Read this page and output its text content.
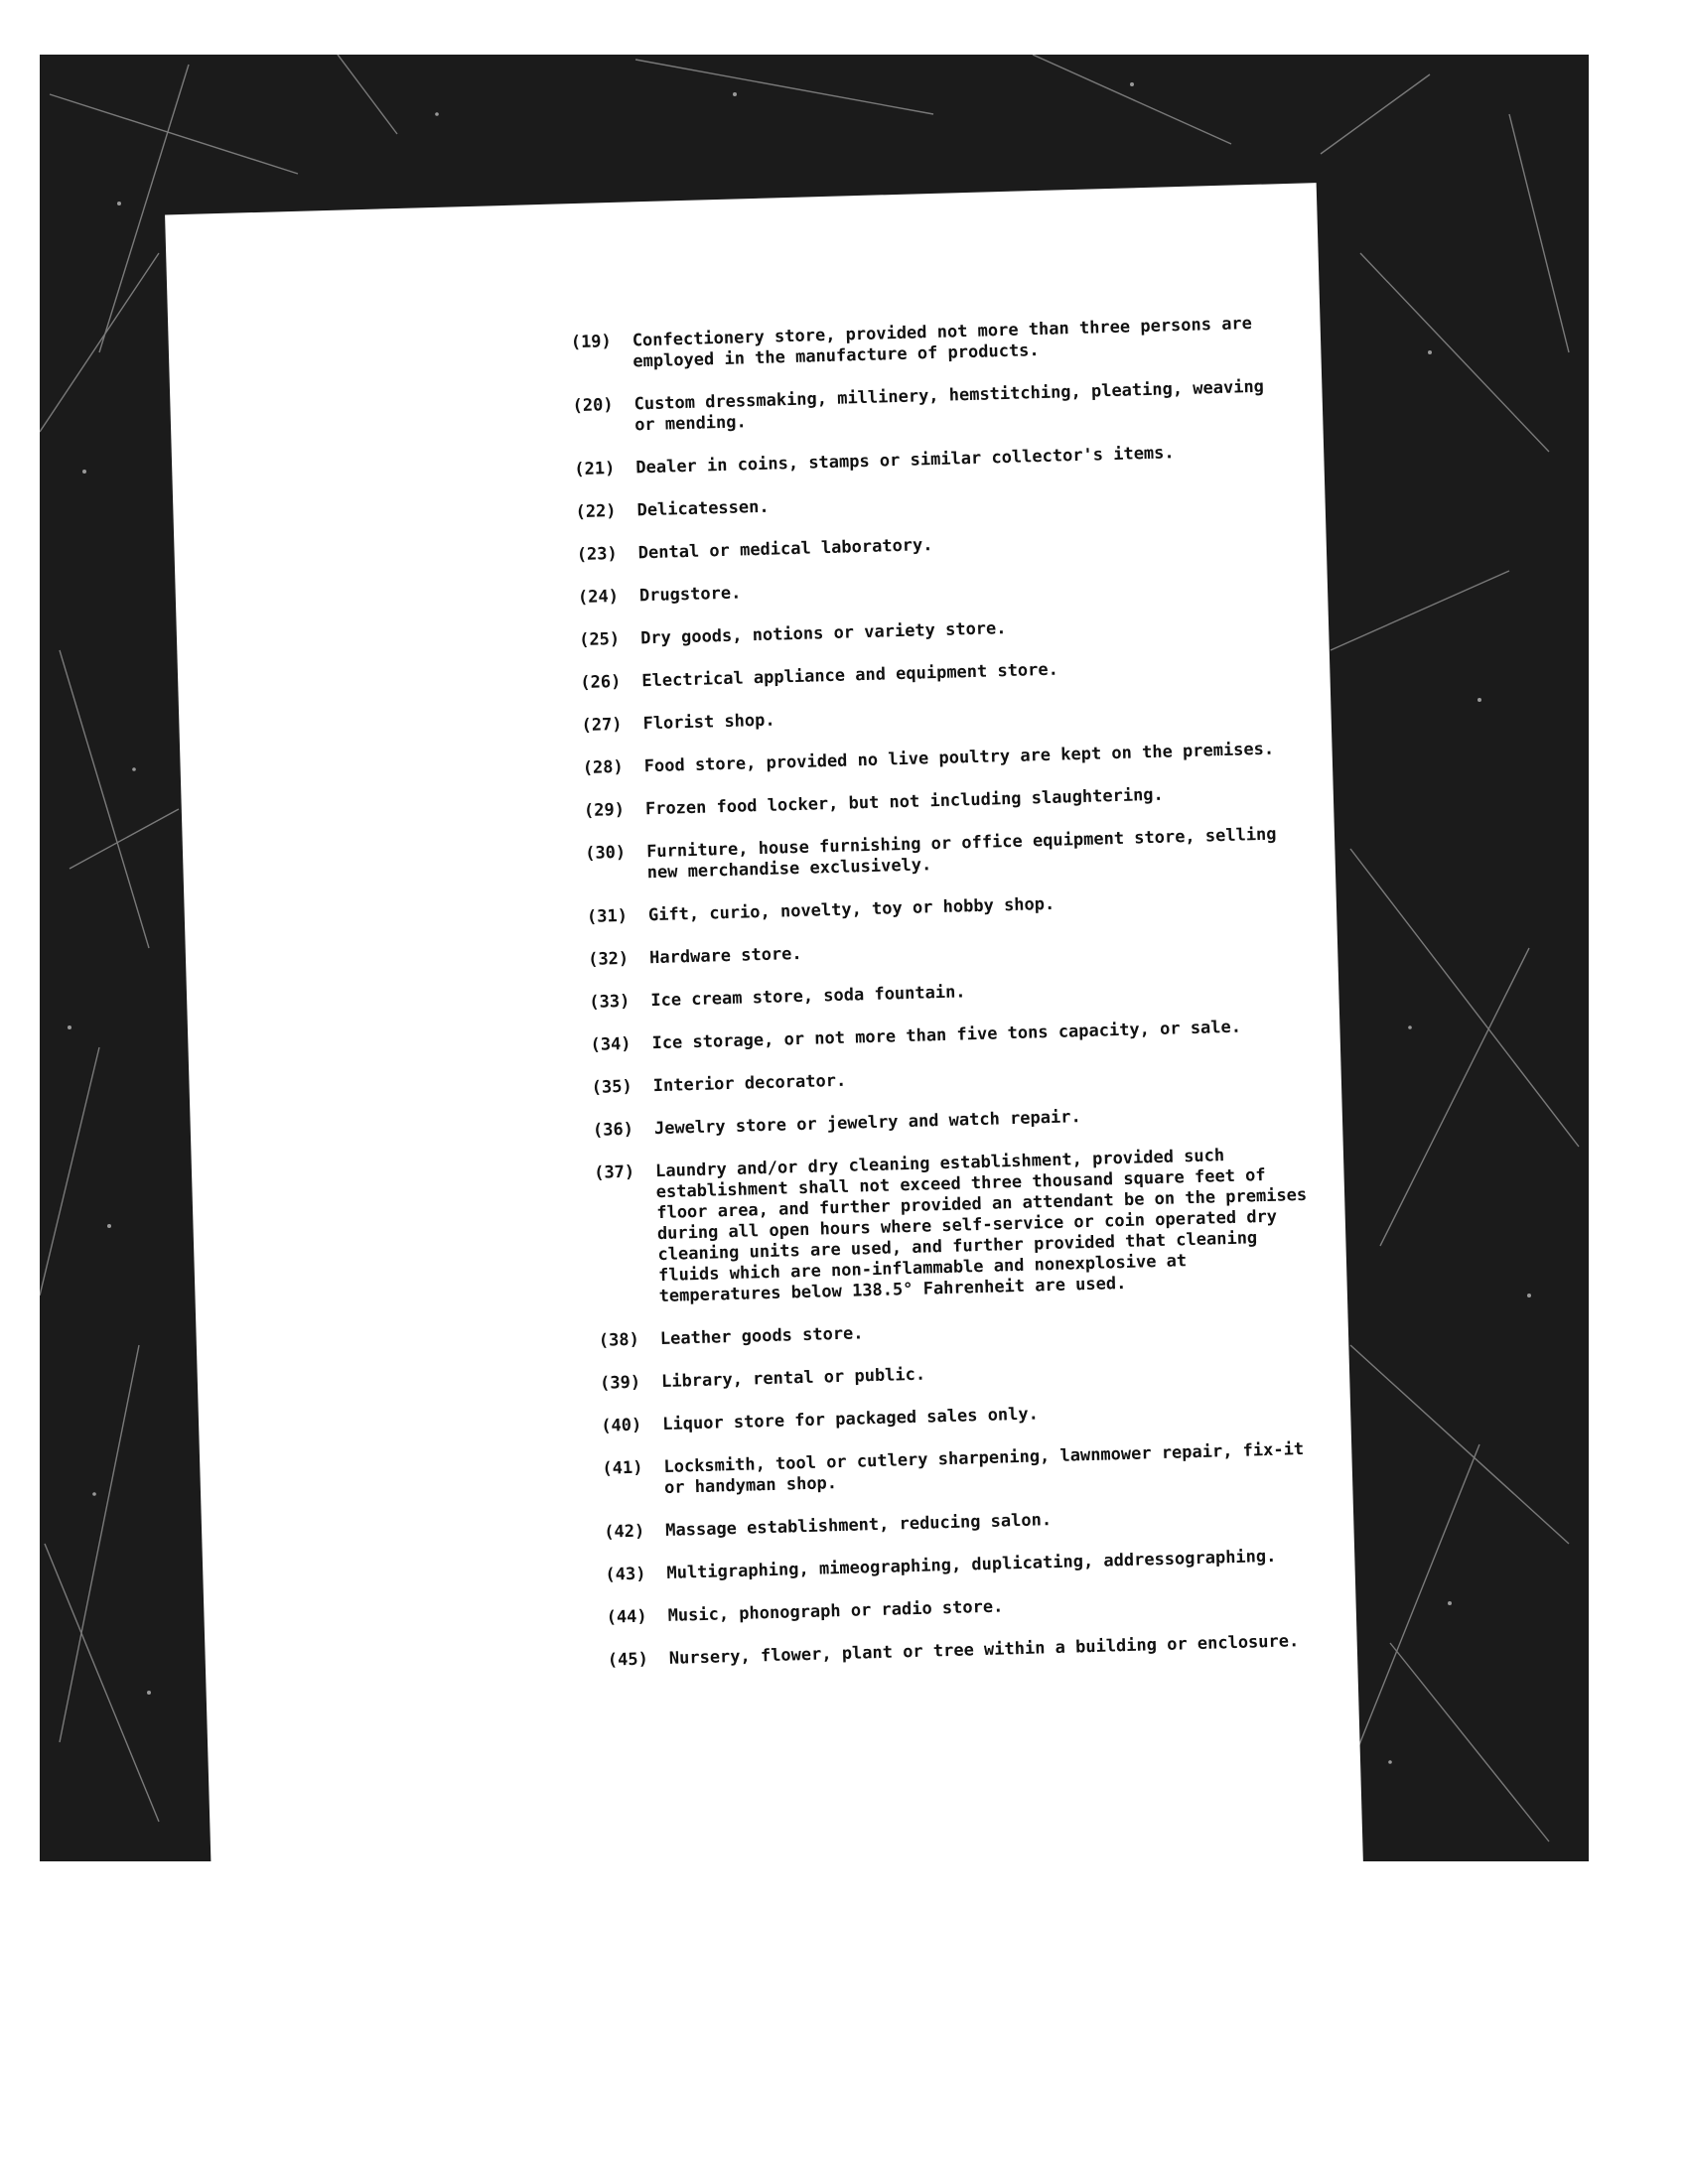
(19)	Confectionery store, provided not more than three persons are employed in the manufacture of products.
(20)	Custom dressmaking, millinery, hemstitching, pleating, weaving or mending.
(21)	Dealer in coins, stamps or similar collector's items.
(22)	Delicatessen.
(23)	Dental or medical laboratory.
(24)	Drugstore.
(25)	Dry goods, notions or variety store.
(26)	Electrical appliance and equipment store.
(27)	Florist shop.
(28)	Food store, provided no live poultry are kept on the premises.
(29)	Frozen food locker, but not including slaughtering.
(30)	Furniture, house furnishing or office equipment store, selling new merchandise exclusively.
(31)	Gift, curio, novelty, toy or hobby shop.
(32)	Hardware store.
(33)	Ice cream store, soda fountain.
(34)	Ice storage, or not more than five tons capacity, or sale.
(35)	Interior decorator.
(36)	Jewelry store or jewelry and watch repair.
(37)	Laundry and/or dry cleaning establishment, provided such establishment shall not exceed three thousand square feet of floor area, and further provided an attendant be on the premises during all open hours where self-service or coin operated dry cleaning units are used, and further provided that cleaning fluids which are non-inflammable and nonexplosive at temperatures below 138.5° Fahrenheit are used.
(38)	Leather goods store.
(39)	Library, rental or public.
(40)	Liquor store for packaged sales only.
(41)	Locksmith, tool or cutlery sharpening, lawnmower repair, fix-it or handyman shop.
(42)	Massage establishment, reducing salon.
(43)	Multigraphing, mimeographing, duplicating, addressographing.
(44)	Music, phonograph or radio store.
(45)	Nursery, flower, plant or tree within a building or enclosure.
